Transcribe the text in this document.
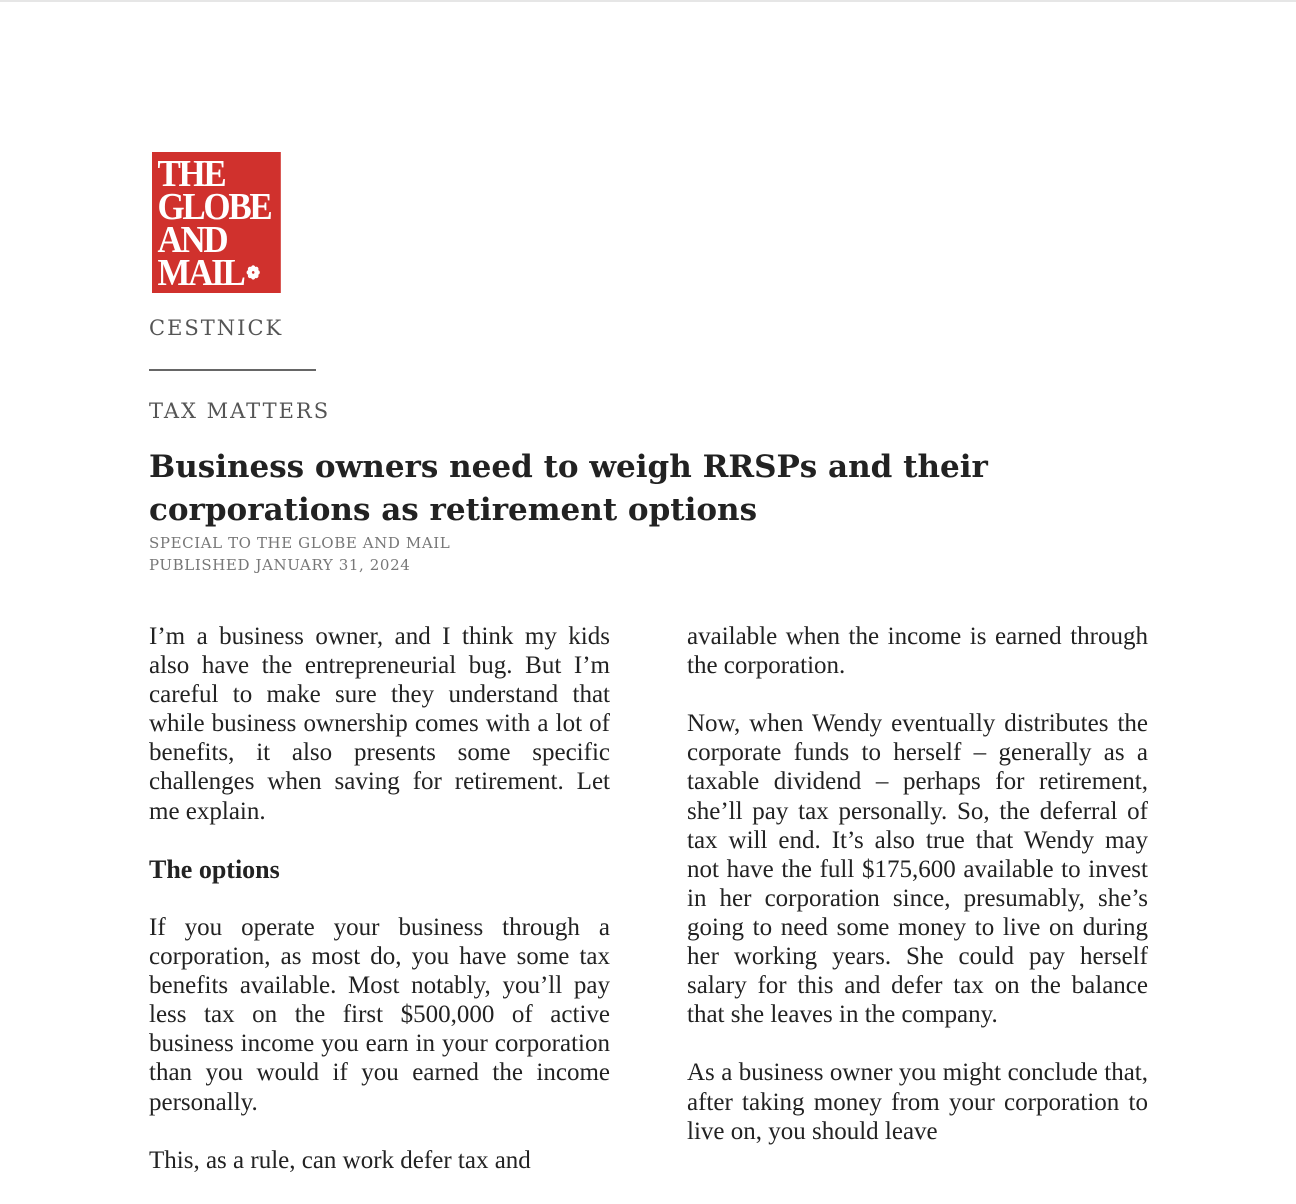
THE
GLOBE
AND
MAIL ❁
CESTNICK
TAX MATTERS
Business owners need to weigh RRSPs and their corporations as retirement options
SPECIAL TO THE GLOBE AND MAIL
PUBLISHED JANUARY 31, 2024

I’m a business owner, and I think my kids also have the entrepreneurial bug. But I’m careful to make sure they understand that while business ownership comes with a lot of benefits, it also presents some specific challenges when saving for retirement. Let me explain.

The options

If you operate your business through a corporation, as most do, you have some tax benefits available. Most notably, you’ll pay less tax on the first $500,000 of active business income you earn in your corporation than you would if you earned the income personally.

This, as a rule, can work defer tax and

available when the income is earned through the corporation.

Now, when Wendy eventually distributes the corporate funds to herself – generally as a taxable dividend – perhaps for retirement, she’ll pay tax personally. So, the deferral of tax will end. It’s also true that Wendy may not have the full $175,600 available to invest in her corporation since, presumably, she’s going to need some money to live on during her working years. She could pay herself salary for this and defer tax on the balance that she leaves in the company.

As a business owner you might conclude that, after taking money from your corporation to live on, you should leave
